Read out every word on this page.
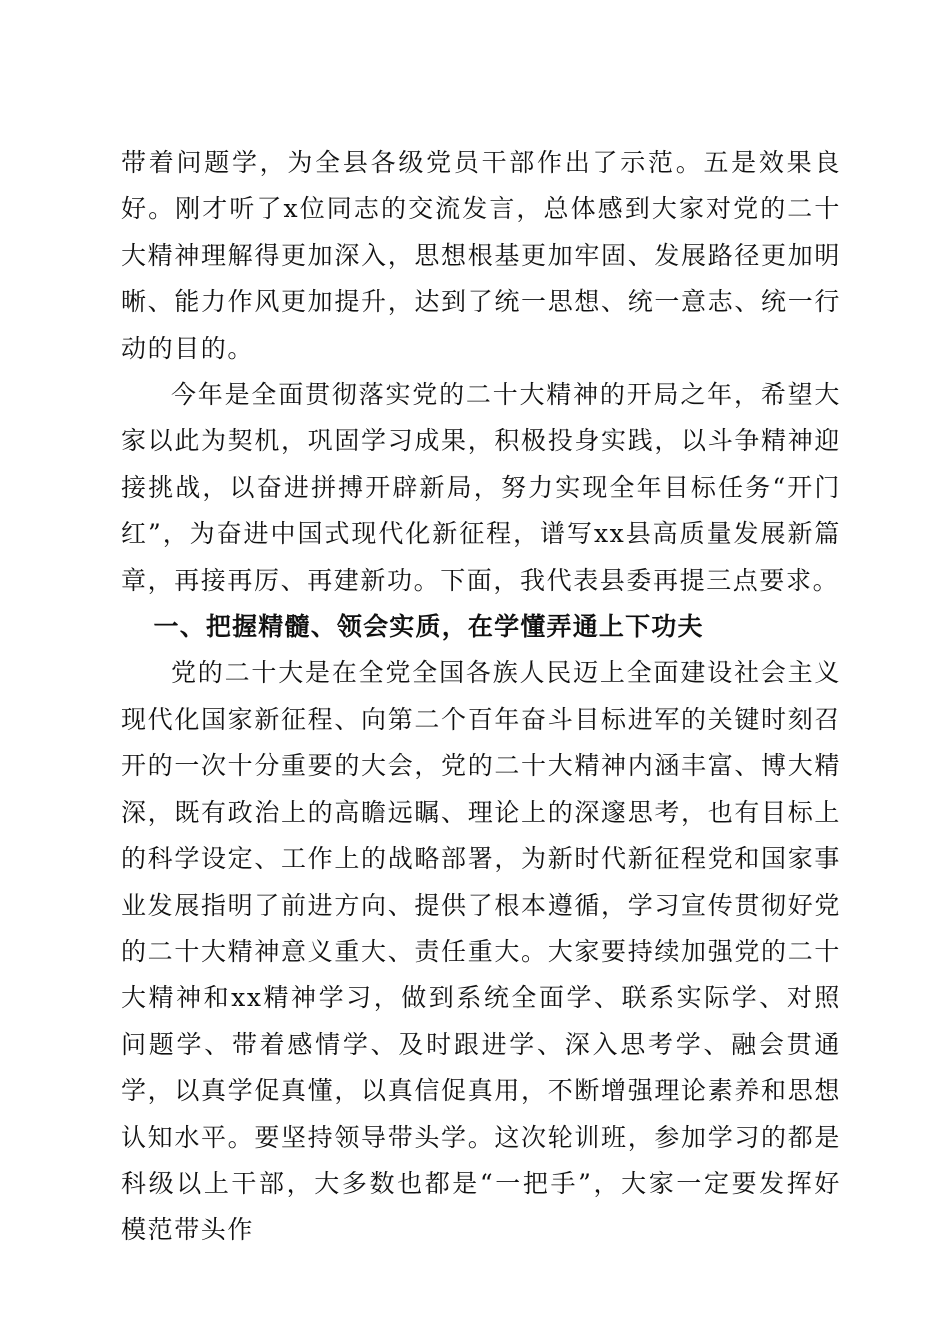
带着问题学，为全县各级党员干部作出了示范。五是效果良好。刚才听了x位同志的交流发言，总体感到大家对党的二十大精神理解得更加深入，思想根基更加牢固、发展路径更加明晰、能力作风更加提升，达到了统一思想、统一意志、统一行动的目的。

今年是全面贯彻落实党的二十大精神的开局之年，希望大家以此为契机，巩固学习成果，积极投身实践，以斗争精神迎接挑战，以奋进拼搏开辟新局，努力实现全年目标任务“开门红”，为奋进中国式现代化新征程，谱写xx县高质量发展新篇章，再接再厉、再建新功。下面，我代表县委再提三点要求。

一、把握精髓、领会实质，在学懂弄通上下功夫

党的二十大是在全党全国各族人民迈上全面建设社会主义现代化国家新征程、向第二个百年奋斗目标进军的关键时刻召开的一次十分重要的大会，党的二十大精神内涵丰富、博大精深，既有政治上的高瞻远瞩、理论上的深邃思考，也有目标上的科学设定、工作上的战略部署，为新时代新征程党和国家事业发展指明了前进方向、提供了根本遵循，学习宣传贯彻好党的二十大精神意义重大、责任重大。大家要持续加强党的二十大精神和xx精神学习，做到系统全面学、联系实际学、对照问题学、带着感情学、及时跟进学、深入思考学、融会贯通学，以真学促真懂，以真信促真用，不断增强理论素养和思想认知水平。要坚持领导带头学。这次轮训班，参加学习的都是科级以上干部，大多数也都是“一把手”，大家一定要发挥好模范带头作
